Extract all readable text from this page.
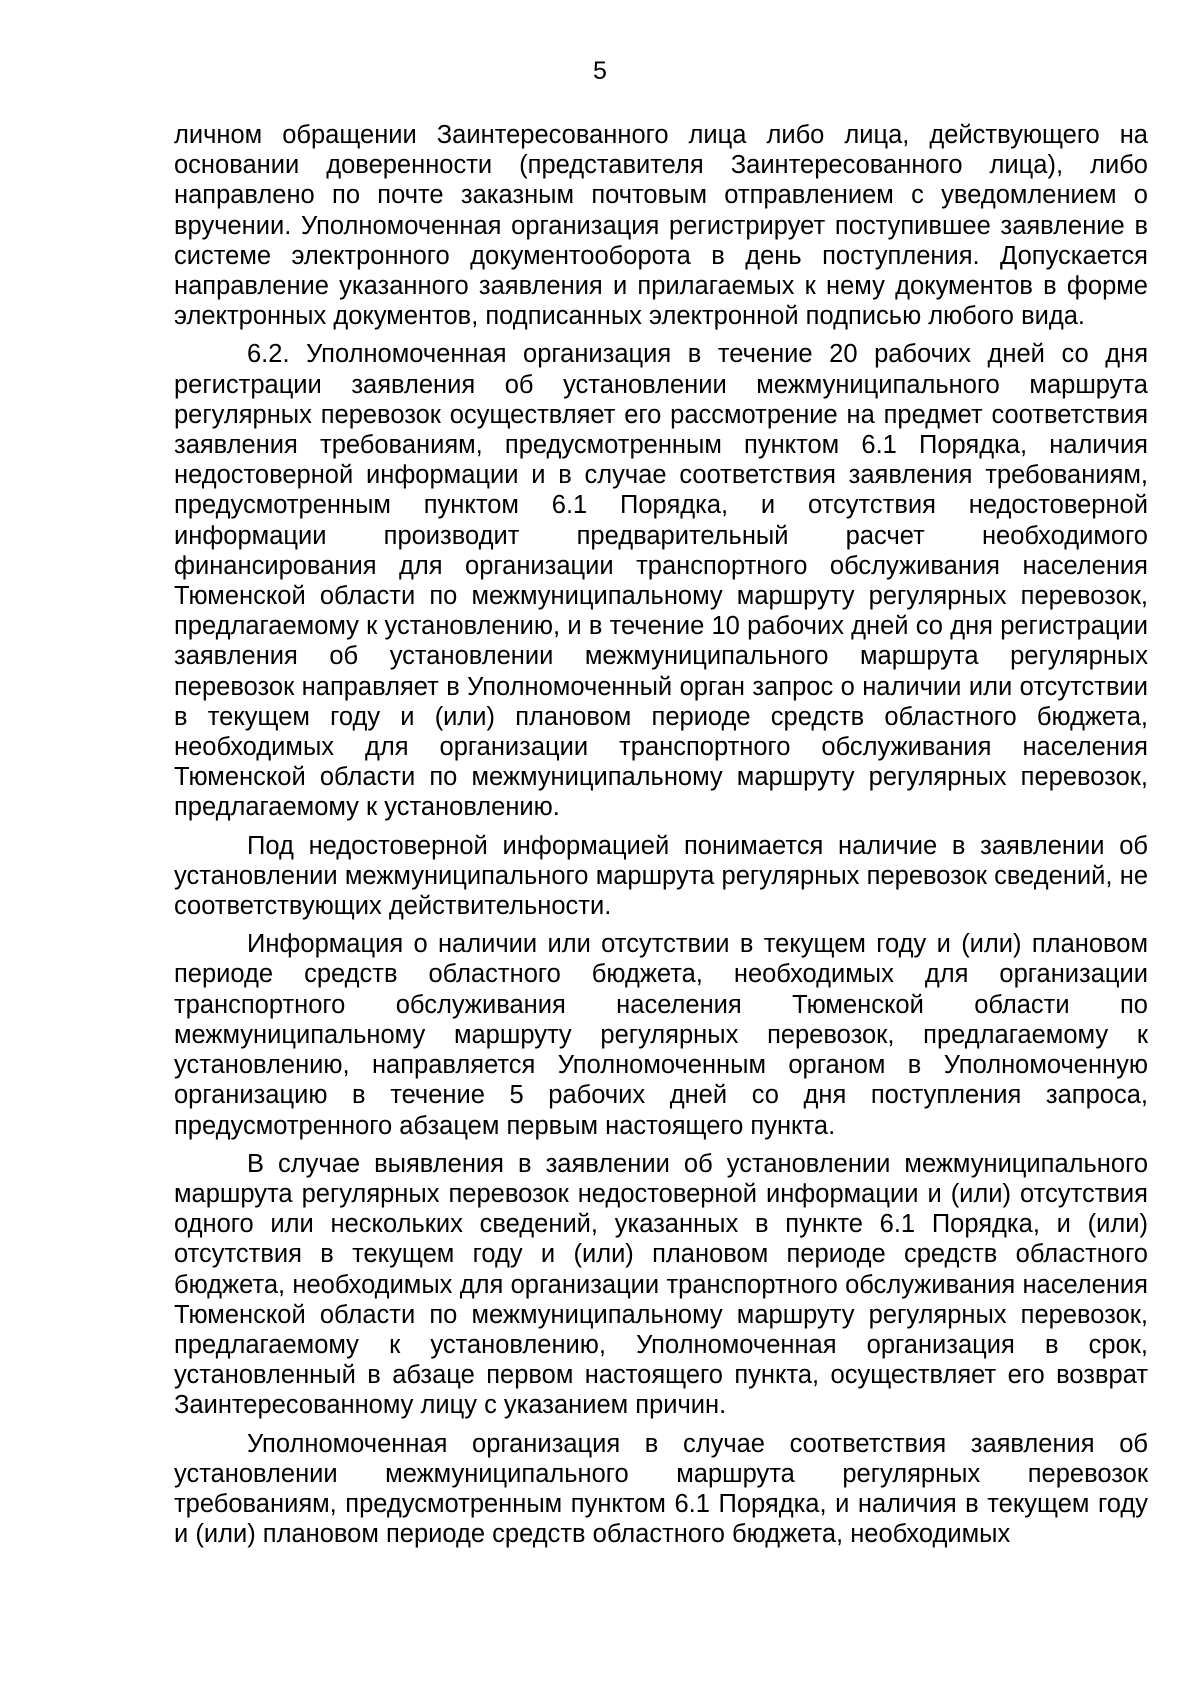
5

личном обращении Заинтересованного лица либо лица, действующего на основании доверенности (представителя Заинтересованного лица), либо направлено по почте заказным почтовым отправлением с уведомлением о вручении. Уполномоченная организация регистрирует поступившее заявление в системе электронного документооборота в день поступления. Допускается направление указанного заявления и прилагаемых к нему документов в форме электронных документов, подписанных электронной подписью любого вида.

6.2. Уполномоченная организация в течение 20 рабочих дней со дня регистрации заявления об установлении межмуниципального маршрута регулярных перевозок осуществляет его рассмотрение на предмет соответствия заявления требованиям, предусмотренным пунктом 6.1 Порядка, наличия недостоверной информации и в случае соответствия заявления требованиям, предусмотренным пунктом 6.1 Порядка, и отсутствия недостоверной информации производит предварительный расчет необходимого финансирования для организации транспортного обслуживания населения Тюменской области по межмуниципальному маршруту регулярных перевозок, предлагаемому к установлению, и в течение 10 рабочих дней со дня регистрации заявления об установлении межмуниципального маршрута регулярных перевозок направляет в Уполномоченный орган запрос о наличии или отсутствии в текущем году и (или) плановом периоде средств областного бюджета, необходимых для организации транспортного обслуживания населения Тюменской области по межмуниципальному маршруту регулярных перевозок, предлагаемому к установлению.

Под недостоверной информацией понимается наличие в заявлении об установлении межмуниципального маршрута регулярных перевозок сведений, не соответствующих действительности.

Информация о наличии или отсутствии в текущем году и (или) плановом периоде средств областного бюджета, необходимых для организации транспортного обслуживания населения Тюменской области по межмуниципальному маршруту регулярных перевозок, предлагаемому к установлению, направляется Уполномоченным органом в Уполномоченную организацию в течение 5 рабочих дней со дня поступления запроса, предусмотренного абзацем первым настоящего пункта.

В случае выявления в заявлении об установлении межмуниципального маршрута регулярных перевозок недостоверной информации и (или) отсутствия одного или нескольких сведений, указанных в пункте 6.1 Порядка, и (или) отсутствия в текущем году и (или) плановом периоде средств областного бюджета, необходимых для организации транспортного обслуживания населения Тюменской области по межмуниципальному маршруту регулярных перевозок, предлагаемому к установлению, Уполномоченная организация в срок, установленный в абзаце первом настоящего пункта, осуществляет его возврат Заинтересованному лицу с указанием причин.

Уполномоченная организация в случае соответствия заявления об установлении межмуниципального маршрута регулярных перевозок требованиям, предусмотренным пунктом 6.1 Порядка, и наличия в текущем году и (или) плановом периоде средств областного бюджета, необходимых
